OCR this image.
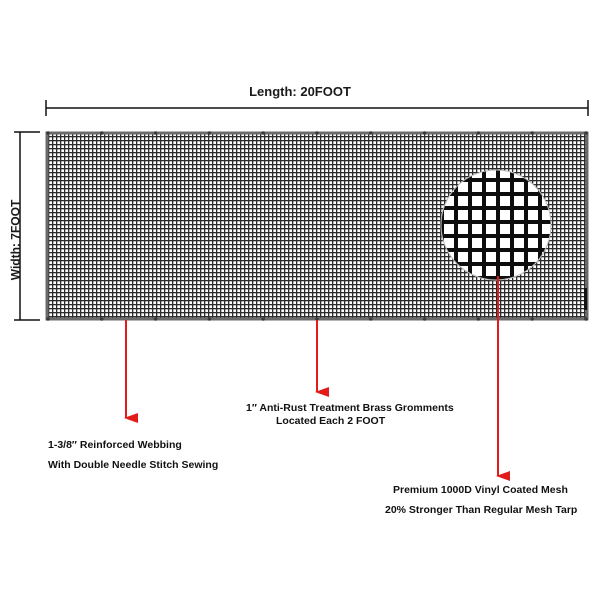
Length: 20FOOT
Width: 7FOOT
1-3/8″ Reinforced Webbing
With Double Needle Stitch Sewing
1″ Anti-Rust Treatment Brass Gromments
Located Each 2 FOOT
Premium 1000D Vinyl Coated Mesh
20% Stronger Than Regular Mesh Tarp
